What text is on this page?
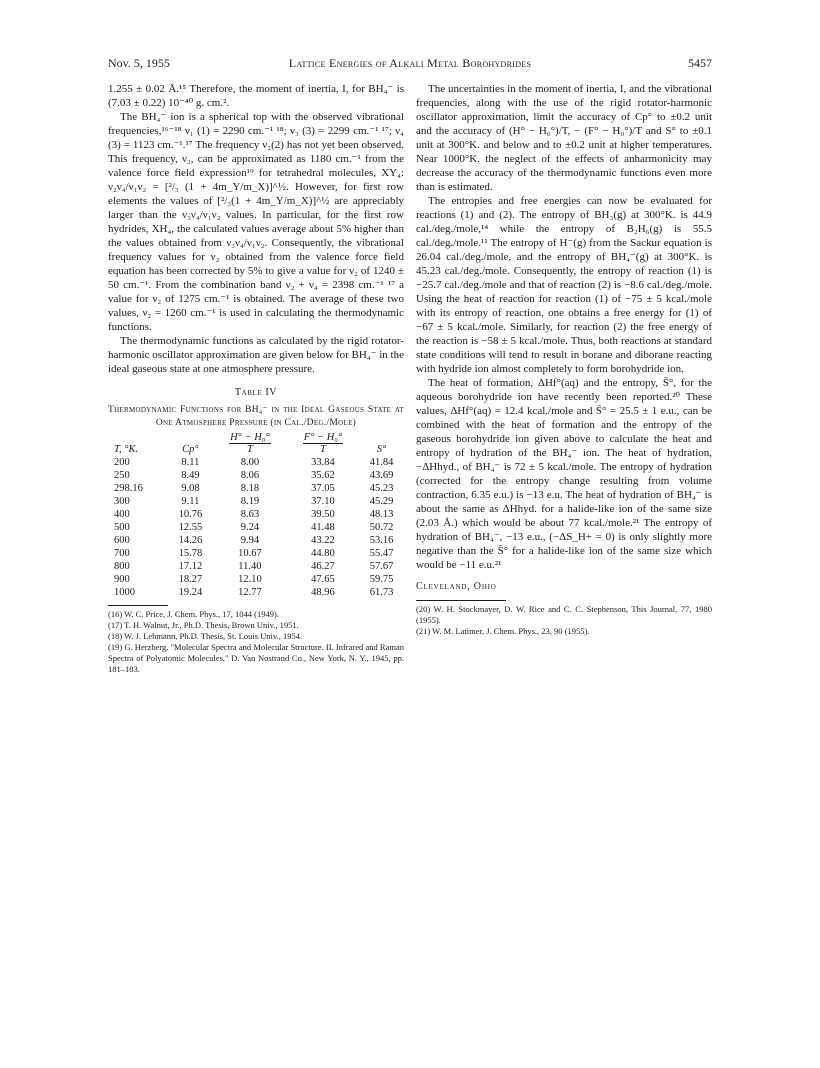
Nov. 5, 1955	Lattice Energies of Alkali Metal Borohydrides	5457

1.255 ± 0.02 Å.¹⁵ Therefore, the moment of inertia, I, for BH₄⁻ is (7.03 ± 0.22) 10⁻⁴⁰ g. cm.².

The BH₄⁻ ion is a spherical top with the observed vibrational frequencies,¹⁶⁻¹⁸ ν₁ (1) = 2290 cm.⁻¹ ¹⁸; ν₃ (3) = 2299 cm.⁻¹ ¹⁷; ν₄ (3) = 1123 cm.⁻¹.¹⁷ The frequency ν₂(2) has not yet been observed. This frequency, ν₂, can be approximated as 1180 cm.⁻¹ from the valence force field expression¹⁹ for tetrahedral molecules, XY₄: ν₂ν₄/ν₁ν₂ = [²/₃ (1 + 4m_Y/m_X)]^½. However, for first row elements the values of [²/₃(1 + 4m_Y/m_X)]^½ are appreciably larger than the ν₃ν₄/ν₁ν₂ values. In particular, for the first row hydrides, XH₄, the calculated values average about 5% higher than the values obtained from ν₃ν₄/ν₁ν₂. Consequently, the vibrational frequency values for ν₂ obtained from the valence force field equation has been corrected by 5% to give a value for ν₂ of 1240 ± 50 cm.⁻¹. From the combination band ν₂ + ν₄ = 2398 cm.⁻¹ ¹⁷ a value for ν₂ of 1275 cm.⁻¹ is obtained. The average of these two values, ν₂ = 1260 cm.⁻¹ is used in calculating the thermodynamic functions.

The thermodynamic functions as calculated by the rigid rotator-harmonic oscillator approximation are given below for BH₄⁻ in the ideal gaseous state at one atmosphere pressure.

Table IV
Thermodynamic Functions for BH₄⁻ in the Ideal Gaseous State at One Atmosphere Pressure (in Cal./Deg./Mole)
T, °K.	Cp°	$\frac{\text{H° − H₀°}}{T}$	$\frac{\text{F° − H₀°}}{T}$	S°
200	8.11	8.00	33.84	41.84
250	8.49	8.06	35.62	43.69
298.16	9.08	8.18	37.05	45.23
300	9.11	8.19	37.10	45.29
400	10.76	8.63	39.50	48.13
500	12.55	9.24	41.48	50.72
600	14.26	9.94	43.22	53.16
700	15.78	10.67	44.80	55.47
800	17.12	11.40	46.27	57.67
900	18.27	12.10	47.65	59.75
1000	19.24	12.77	48.96	61.73
(16) W. C. Price, J. Chem. Phys., 17, 1044 (1949).
(17) T. H. Walnut, Jr., Ph.D. Thesis, Brown Univ., 1951.
(18) W. J. Lehmann, Ph.D. Thesis, St. Louis Univ., 1954.
(19) G. Herzberg, "Molecular Spectra and Molecular Structure. II. Infrared and Raman Spectra of Polyatomic Molecules," D. Van Nostrand Co., New York, N. Y., 1945, pp. 181–183.

The uncertainties in the moment of inertia, I, and the vibrational frequencies, along with the use of the rigid rotator-harmonic oscillator approximation, limit the accuracy of Cp° to ±0.2 unit and the accuracy of (H° − H₀°)/T, − (F° − H₀°)/T and S° to ±0.1 unit at 300°K. and below and to ±0.2 unit at higher temperatures. Near 1000°K. the neglect of the effects of anharmonicity may decrease the accuracy of the thermodynamic functions even more than is estimated.

The entropies and free energies can now be evaluated for reactions (1) and (2). The entropy of BH₃(g) at 300°K. is 44.9 cal./deg./mole,¹⁴ while the entropy of B₂H₆(g) is 55.5 cal./deg./mole.¹¹ The entropy of H⁻(g) from the Sackur equation is 26.04 cal./deg./mole, and the entropy of BH₄⁻(g) at 300°K. is 45.23 cal./deg./mole. Consequently, the entropy of reaction (1) is −25.7 cal./deg./mole and that of reaction (2) is −8.6 cal./deg./mole. Using the heat of reaction for reaction (1) of −75 ± 5 kcal./mole with its entropy of reaction, one obtains a free energy for (1) of −67 ± 5 kcal./mole. Similarly, for reaction (2) the free energy of the reaction is −58 ± 5 kcal./mole. Thus, both reactions at standard state conditions will tend to result in borane and diborane reacting with hydride ion almost completely to form borohydride ion.

The heat of formation, ΔHf°(aq) and the entropy, S̄°, for the aqueous borohydride ion have recently been reported.²⁰ These values, ΔHf°(aq) = 12.4 kcal./mole and S̄° = 25.5 ± 1 e.u., can be combined with the heat of formation and the entropy of the gaseous borohydride ion given above to calculate the heat and entropy of hydration of the BH₄⁻ ion. The heat of hydration, −ΔHhyd., of BH₄⁻ is 72 ± 5 kcal./mole. The entropy of hydration (corrected for the entropy change resulting from volume contraction, 6.35 e.u.) is −13 e.u. The heat of hydration of BH₄⁻ is about the same as ΔHhyd. for a halide-like ion of the same size (2.03 Å.) which would be about 77 kcal./mole.²¹ The entropy of hydration of BH₄⁻, −13 e.u., (−ΔS_H+ = 0) is only slightly more negative than the S̄° for a halide-like ion of the same size which would be −11 e.u.²¹

Cleveland, Ohio
(20) W. H. Stockmayer, D. W. Rice and C. C. Stephenson, This Journal, 77, 1980 (1955).
(21) W. M. Latimer, J. Chem. Phys., 23, 90 (1955).
